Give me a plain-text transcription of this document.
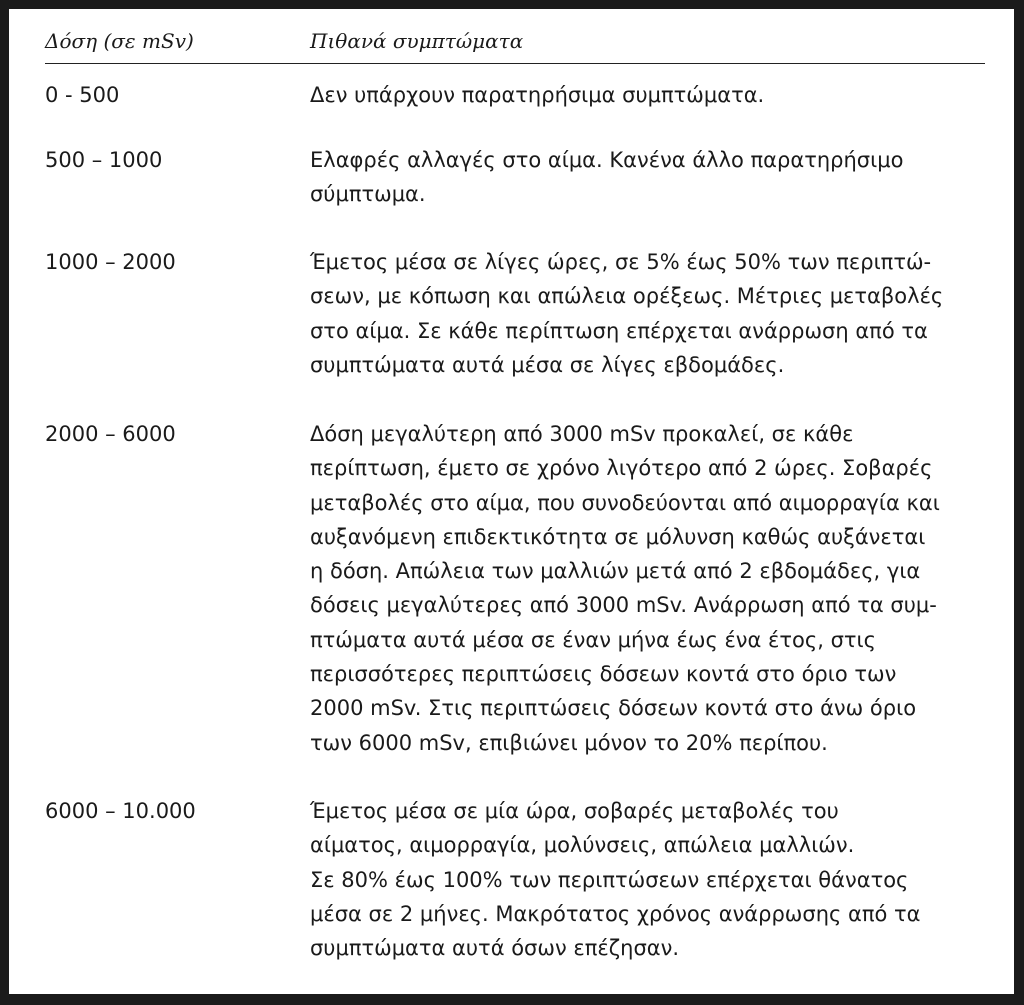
Δόση (σε mSv)	Πιθανά συμπτώματα
0 - 500	Δεν υπάρχουν παρατηρήσιμα συμπτώματα.
500 – 1000	Ελαφρές αλλαγές στο αίμα. Κανένα άλλο παρατηρήσιμο
σύμπτωμα.
1000 – 2000	Έμετος μέσα σε λίγες ώρες, σε 5% έως 50% των περιπτώ-
σεων, με κόπωση και απώλεια ορέξεως. Μέτριες μεταβολές
στο αίμα. Σε κάθε περίπτωση επέρχεται ανάρρωση από τα
συμπτώματα αυτά μέσα σε λίγες εβδομάδες.
2000 – 6000	Δόση μεγαλύτερη από 3000 mSv προκαλεί, σε κάθε
περίπτωση, έμετο σε χρόνο λιγότερο από 2 ώρες. Σοβαρές
μεταβολές στο αίμα, που συνοδεύονται από αιμορραγία και
αυξανόμενη επιδεκτικότητα σε μόλυνση καθώς αυξάνεται
η δόση. Απώλεια των μαλλιών μετά από 2 εβδομάδες, για
δόσεις μεγαλύτερες από 3000 mSv. Ανάρρωση από τα συμ-
πτώματα αυτά μέσα σε έναν μήνα έως ένα έτος, στις
περισσότερες περιπτώσεις δόσεων κοντά στο όριο των
2000 mSv. Στις περιπτώσεις δόσεων κοντά στο άνω όριο
των 6000 mSv, επιβιώνει μόνον το 20% περίπου.
6000 – 10.000	Έμετος μέσα σε μία ώρα, σοβαρές μεταβολές του
αίματος, αιμορραγία, μολύνσεις, απώλεια μαλλιών.
Σε 80% έως 100% των περιπτώσεων επέρχεται θάνατος
μέσα σε 2 μήνες. Μακρότατος χρόνος ανάρρωσης από τα
συμπτώματα αυτά όσων επέζησαν.
